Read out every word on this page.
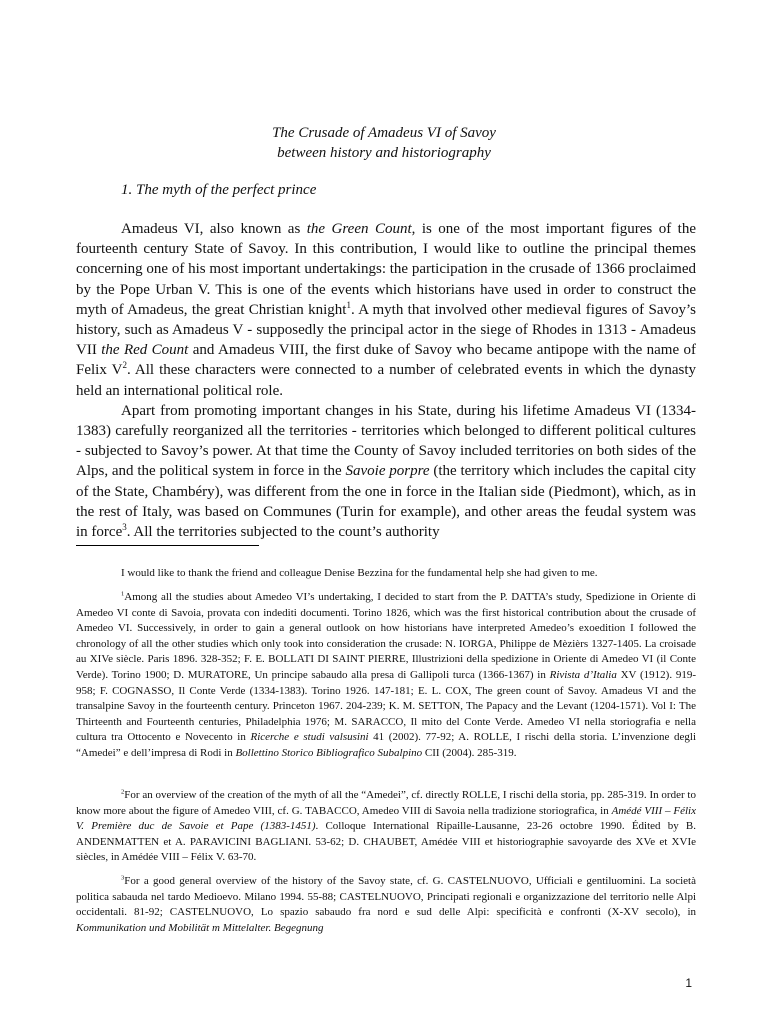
The Crusade of Amadeus VI of Savoy
between history and historiography
1. The myth of the perfect prince

Amadeus VI, also known as the Green Count, is one of the most important figures of the fourteenth century State of Savoy. In this contribution, I would like to outline the principal themes concerning one of his most important undertakings: the participation in the crusade of 1366 proclaimed by the Pope Urban V. This is one of the events which historians have used in order to construct the myth of Amadeus, the great Christian knight$^1$. A myth that involved other medieval figures of Savoy’s history, such as Amadeus V - supposedly the principal actor in the siege of Rhodes in 1313 - Amadeus VII the Red Count and Amadeus VIII, the first duke of Savoy who became antipope with the name of Felix $V^2$. All these characters were connected to a number of celebrated events in which the dynasty held an international political role.

Apart from promoting important changes in his State, during his lifetime Amadeus VI (1334-1383) carefully reorganized all the territories - territories which belonged to different political cultures - subjected to Savoy’s power. At that time the County of Savoy included territories on both sides of the Alps, and the political system in force in the Savoie porpre (the territory which includes the capital city of the State, Chambéry), was different from the one in force in the Italian side (Piedmont), which, as in the rest of Italy, was based on Communes (Turin for example), and other areas the feudal system was in force$^3$. All the territories subjected to the count’s authority

I would like to thank the friend and colleague Denise Bezzina for the fundamental help she had given to me.

$^1$Among all the studies about Amedeo VI’s undertaking, I decided to start from the P. DATTA’s study, Spedizione in Oriente di Amedeo VI conte di Savoia, provata con indediti documenti. Torino 1826, which was the first historical contribution about the crusade of Amedeo VI. Successively, in order to gain a general outlook on how historians have interpreted Amedeo’s exoedition I followed the chronology of all the other studies which only took into consideration the crusade: N. IORGA, Philippe de Mèzièrs 1327-1405. La croisade au XIVe siècle. Paris 1896. 328-352; F. E. BOLLATI DI SAINT PIERRE, Illustrizioni della spedizione in Oriente di Amedeo VI (il Conte Verde). Torino 1900; D. MURATORE, Un principe sabaudo alla presa di Gallipoli turca (1366-1367) in Rivista d’Italia XV (1912). 919-958; F. COGNASSO, Il Conte Verde (1334-1383). Torino 1926. 147-181; E. L. COX, The green count of Savoy. Amadeus VI and the transalpine Savoy in the fourteenth century. Princeton 1967. 204-239; K. M. SETTON, The Papacy and the Levant (1204-1571). Vol I: The Thirteenth and Fourteenth centuries, Philadelphia 1976; M. SARACCO, Il mito del Conte Verde. Amedeo VI nella storiografia e nella cultura tra Ottocento e Novecento in Ricerche e studi valsusini 41 (2002). 77-92; A. ROLLE, I rischi della storia. L’invenzione degli “Amedei” e dell’impresa di Rodi in Bollettino Storico Bibliografico Subalpino CII (2004). 285-319.

$^2$For an overview of the creation of the myth of all the “Amedei”, cf. directly ROLLE, I rischi della storia, pp. 285-319. In order to know more about the figure of Amedeo VIII, cf. G. TABACCO, Amedeo VIII di Savoia nella tradizione storiografica, in Amédé VIII – Félix V. Première duc de Savoie et Pape (1383-1451). Colloque International Ripaille-Lausanne, 23-26 octobre 1990. Édited by B. ANDENMATTEN et A. PARAVICINI BAGLIANI. 53-62; D. CHAUBET, Amédée VIII et historiographie savoyarde des XVe et XVIe siècles, in Amédée VIII – Félix V. 63-70.

$^3$For a good general overview of the history of the Savoy state, cf. G. CASTELNUOVO, Ufficiali e gentiluomini. La società politica sabauda nel tardo Medioevo. Milano 1994. 55-88; CASTELNUOVO, Principati regionali e organizzazione del territorio nelle Alpi occidentali. 81-92; CASTELNUOVO, Lo spazio sabaudo fra nord e sud delle Alpi: specificità e confronti (X-XV secolo), in Kommunikation und Mobilität m Mittelalter. Begegnung

1
